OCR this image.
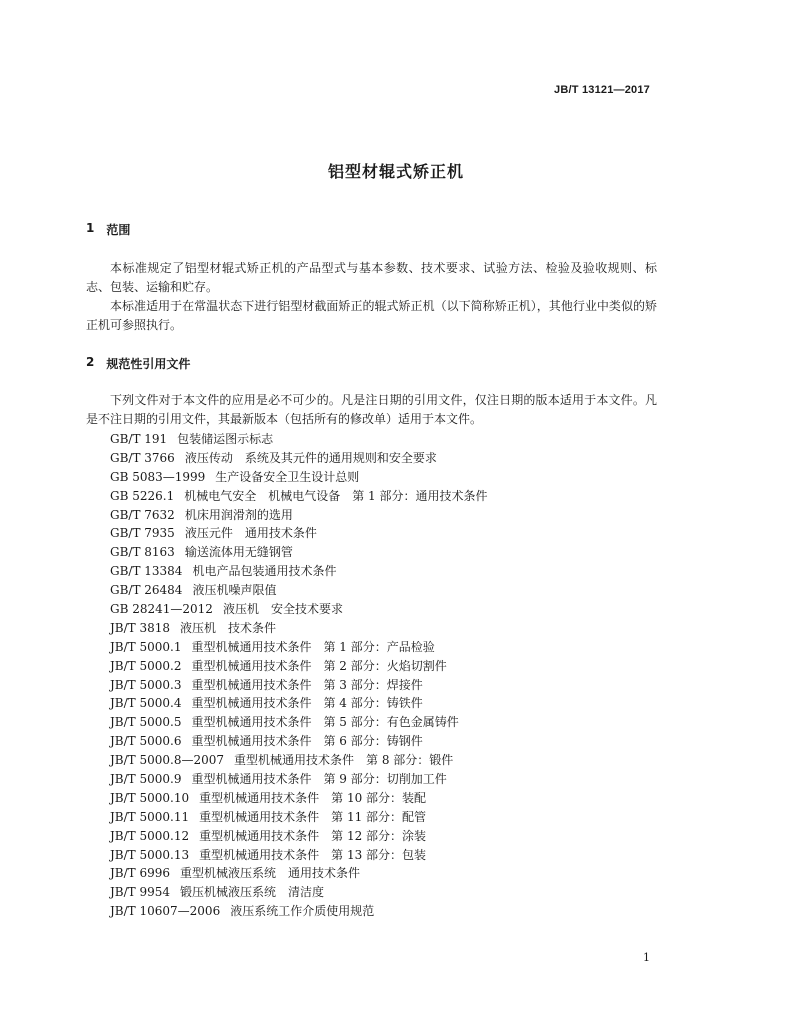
JB/T 13121—2017
铝型材辊式矫正机
1 范围

本标准规定了铝型材辊式矫正机的产品型式与基本参数、技术要求、试验方法、检验及验收规则、标志、包装、运输和贮存。

本标准适用于在常温状态下进行铝型材截面矫正的辊式矫正机（以下简称矫正机），其他行业中类似的矫正机可参照执行。

2 规范性引用文件

下列文件对于本文件的应用是必不可少的。凡是注日期的引用文件，仅注日期的版本适用于本文件。凡是不注日期的引用文件，其最新版本（包括所有的修改单）适用于本文件。

GB/T 191 包装储运图示标志
GB/T 3766 液压传动　系统及其元件的通用规则和安全要求
GB 5083—1999 生产设备安全卫生设计总则
GB 5226.1 机械电气安全　机械电气设备　第 1 部分：通用技术条件
GB/T 7632 机床用润滑剂的选用
GB/T 7935 液压元件　通用技术条件
GB/T 8163 输送流体用无缝钢管
GB/T 13384 机电产品包装通用技术条件
GB/T 26484 液压机噪声限值
GB 28241—2012 液压机　安全技术要求
JB/T 3818 液压机　技术条件
JB/T 5000.1 重型机械通用技术条件　第 1 部分：产品检验
JB/T 5000.2 重型机械通用技术条件　第 2 部分：火焰切割件
JB/T 5000.3 重型机械通用技术条件　第 3 部分：焊接件
JB/T 5000.4 重型机械通用技术条件　第 4 部分：铸铁件
JB/T 5000.5 重型机械通用技术条件　第 5 部分：有色金属铸件
JB/T 5000.6 重型机械通用技术条件　第 6 部分：铸钢件
JB/T 5000.8—2007 重型机械通用技术条件　第 8 部分：锻件
JB/T 5000.9 重型机械通用技术条件　第 9 部分：切削加工件
JB/T 5000.10 重型机械通用技术条件　第 10 部分：装配
JB/T 5000.11 重型机械通用技术条件　第 11 部分：配管
JB/T 5000.12 重型机械通用技术条件　第 12 部分：涂装
JB/T 5000.13 重型机械通用技术条件　第 13 部分：包装
JB/T 6996 重型机械液压系统　通用技术条件
JB/T 9954 锻压机械液压系统　清洁度
JB/T 10607—2006 液压系统工作介质使用规范
1
